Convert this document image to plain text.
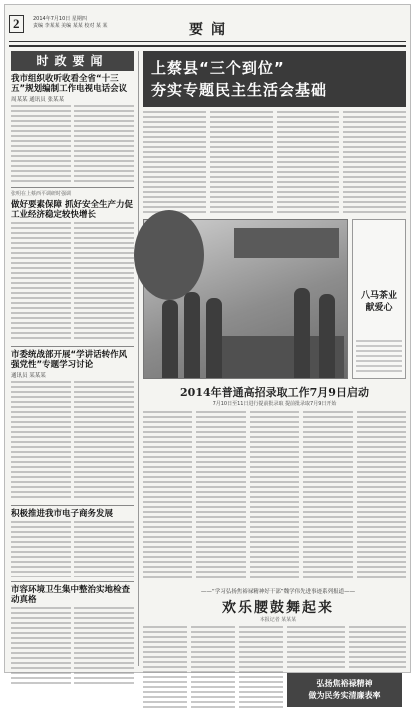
2	2014年7月10日 星期四
责编 李某某 美编 某某 校对 某 某	要闻
时政要闻
我市组织收听收看全省“十三五”规划编制工作电视电话会议
周某某 通讯员 张某某
张明在上蔡西平调研时强调
做好要素保障 抓好安全生产力促工业经济稳定较快增长
市委统战部开展“学讲话转作风 强党性”专题学习讨论
通讯员 某某某
积极推进我市电子商务发展
市容环境卫生集中整治实地检查动真格
上蔡县“三个到位”
夯实专题民主生活会基础
八马茶业
献爱心
2014年普通高招录取工作7月9日启动
7月10日至11日进行提前批录取 提前批录取7月9日开始
——“学习弘扬焦裕禄精神好干部”魏学伟先进事迹系列报道——
欢乐腰鼓舞起来
本报记者 某某某
弘扬焦裕禄精神
做为民务实清廉表率
